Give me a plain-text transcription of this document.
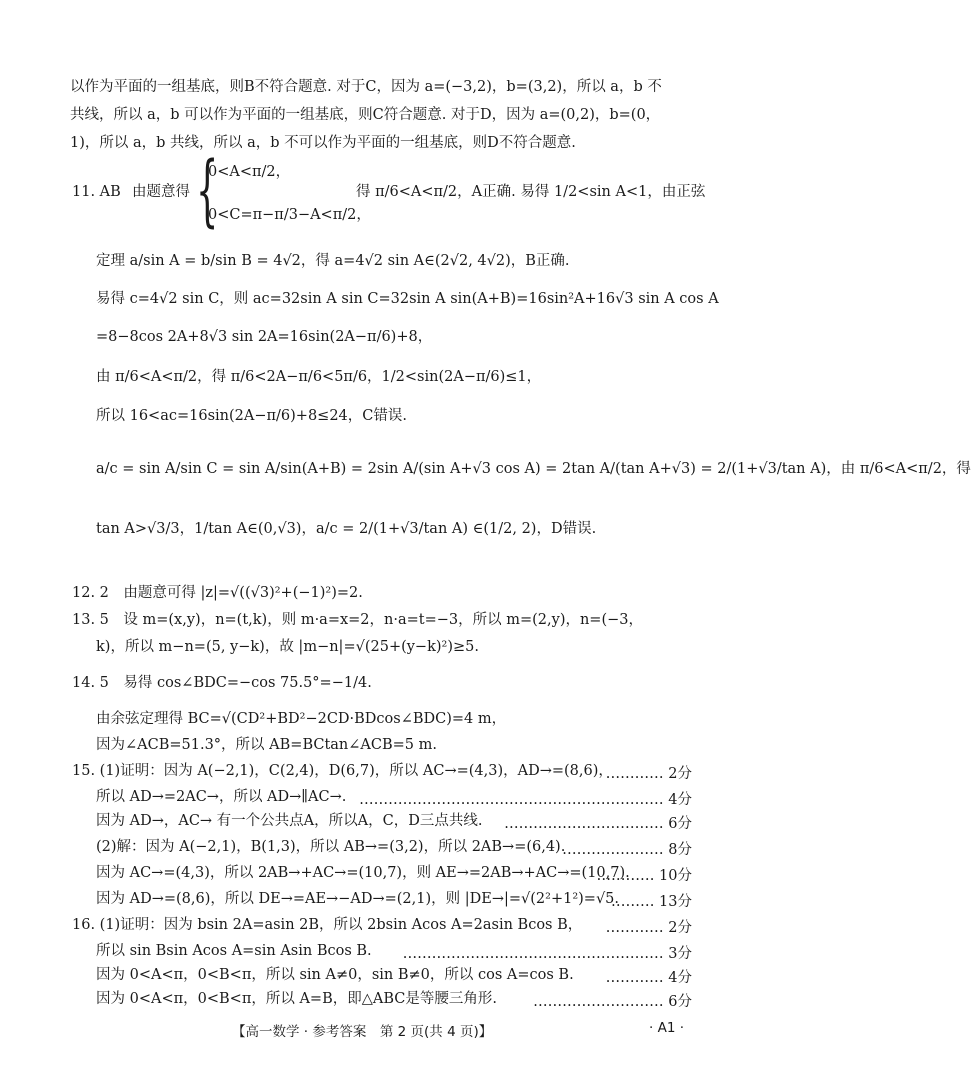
以作为平面的一组基底，则B不符合题意. 对于C，因为 a=(−3,2)，b=(3,2)，所以 a，b 不
共线，所以 a，b 可以作为平面的一组基底，则C符合题意. 对于D，因为 a=(0,2)，b=(0，
1)，所以 a，b 共线，所以 a，b 不可以作为平面的一组基底，则D不符合题意.
11. AB 由题意得 {
0<A<π/2，
0<C=π−π/3−A<π/2，
得 π/6<A<π/2，A正确. 易得 1/2<sin A<1，由正弦
定理 a/sin A = b/sin B = 4√2，得 a=4√2 sin A∈(2√2, 4√2)，B正确.
易得 c=4√2 sin C，则 ac=32sin A sin C=32sin A sin(A+B)=16sin²A+16√3 sin A cos A
=8−8cos 2A+8√3 sin 2A=16sin(2A−π/6)+8，
由 π/6<A<π/2，得 π/6<2A−π/6<5π/6，1/2<sin(2A−π/6)≤1，
所以 16<ac=16sin(2A−π/6)+8≤24，C错误.
a/c = sin A/sin C = sin A/sin(A+B) = 2sin A/(sin A+√3 cos A) = 2tan A/(tan A+√3) = 2/(1+√3/tan A)，由 π/6<A<π/2，得
tan A>√3/3，1/tan A∈(0,√3)，a/c = 2/(1+√3/tan A) ∈(1/2, 2)，D错误.
12. 2　由题意可得 |z|=√((√3)²+(−1)²)=2.
13. 5　设 m=(x,y)，n=(t,k)，则 m·a=x=2，n·a=t=−3，所以 m=(2,y)，n=(−3，
k)，所以 m−n=(5, y−k)，故 |m−n|=√(25+(y−k)²)≥5.
14. 5　易得 cos∠BDC=−cos 75.5°=−1/4.
由余弦定理得 BC=√(CD²+BD²−2CD·BDcos∠BDC)=4 m，
因为∠ACB=51.3°，所以 AB=BCtan∠ACB=5 m.
15. (1)证明：因为 A(−2,1)，C(2,4)，D(6,7)，所以 AC→=(4,3)，AD→=(8,6)，
………… 2分
所以 AD→=2AC→，所以 AD→∥AC→. ……………………………………………………… 4分
因为 AD→，AC→ 有一个公共点A，所以A，C，D三点共线. …………………………… 6分
(2)解：因为 A(−2,1)，B(1,3)，所以 AB→=(3,2)，所以 2AB→=(6,4).
………………… 8分
因为 AC→=(4,3)，所以 2AB→+AC→=(10,7)，则 AE→=2AB→+AC→=(10,7).
………… 10分
因为 AD→=(8,6)，所以 DE→=AE→−AD→=(2,1)，则 |DE→|=√(2²+1²)=√5.
……… 13分
16. (1)证明：因为 bsin 2A=asin 2B，所以 2bsin Acos A=2asin Bcos B， ………… 2分
所以 sin Bsin Acos A=sin Asin Bcos B. ……………………………………………… 3分
因为 0<A<π，0<B<π，所以 sin A≠0，sin B≠0，所以 cos A=cos B. ………… 4分
因为 0<A<π，0<B<π，所以 A=B，即△ABC是等腰三角形. ……………………… 6分
【高一数学 · 参考答案　第 2 页(共 4 页)】	· A1 ·
